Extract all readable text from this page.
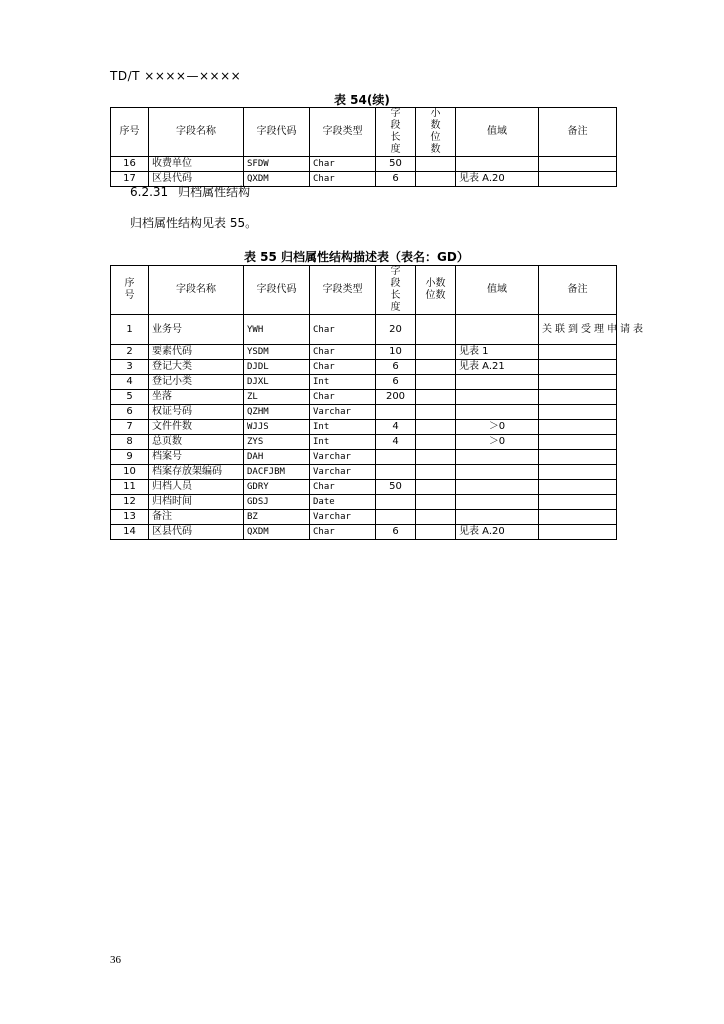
TD/T ××××—××××
表 54(续)
序号	字段名称	字段代码	字段类型	字段长度	小数位数	值域	备注
16	收费单位	SFDW	Char	50			
17	区县代码	QXDM	Char	6		见表 A.20	
6.2.31 归档属性结构
归档属性结构见表 55。
表 55 归档属性结构描述表（表名：GD）
序号	字段名称	字段代码	字段类型	字段长度	小数位数	值域	备注
1	业务号	YWH	Char	20			关联到受理申请表
2	要素代码	YSDM	Char	10		见表 1	
3	登记大类	DJDL	Char	6		见表 A.21	
4	登记小类	DJXL	Int	6			
5	坐落	ZL	Char	200			
6	权证号码	QZHM	Varchar				
7	文件件数	WJJS	Int	4		＞0	
8	总页数	ZYS	Int	4		＞0	
9	档案号	DAH	Varchar				
10	档案存放架编码	DACFJBM	Varchar				
11	归档人员	GDRY	Char	50			
12	归档时间	GDSJ	Date				
13	备注	BZ	Varchar				
14	区县代码	QXDM	Char	6		见表 A.20	
36
